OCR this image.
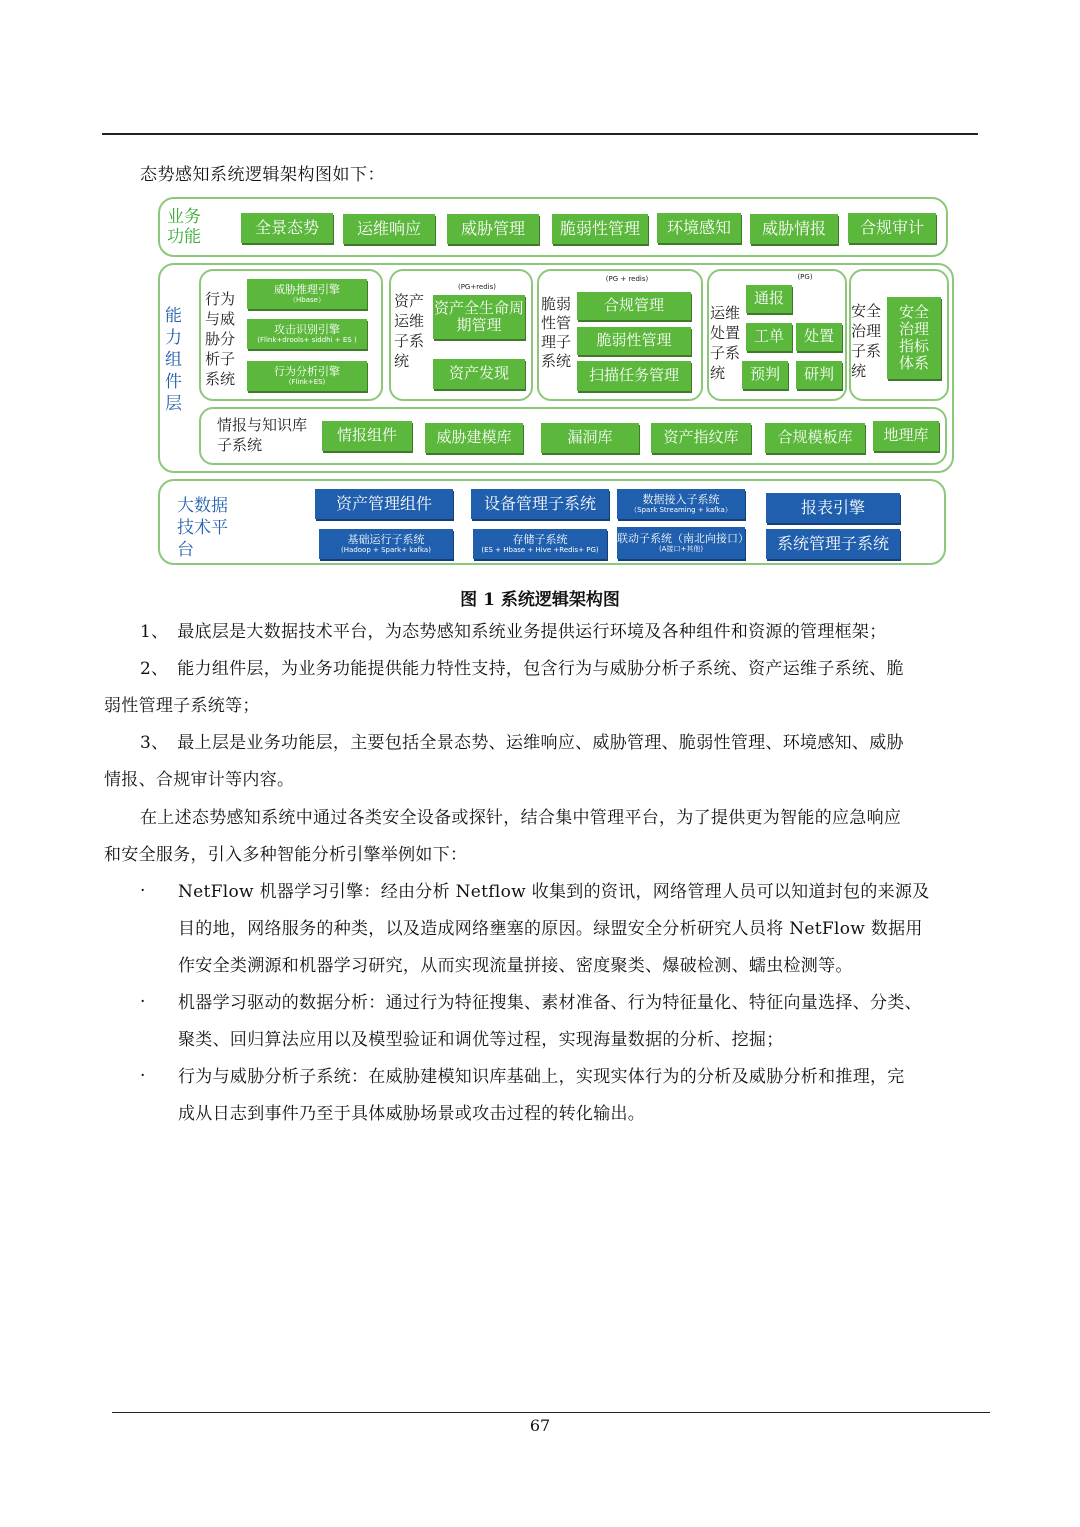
态势感知系统逻辑架构图如下：
业务功能
全景态势	运维响应	威胁管理	脆弱性管理	环境感知	威胁情报	合规审计
能力组件层
行为与威胁分析子系统
威胁推理引擎
（Hbase）
攻击识别引擎
(Flink+drools+ siddhi + ES )
行为分析引擎
(Flink+ES)
资产运维子系统
(PG+redis)
资产全生命周期管理
资产发现
脆弱性管理子系统
(PG + redis)
合规管理
脆弱性管理
扫描任务管理
运维处置子系统
(PG)
通报
工单	处置
预判	研判
安全治理子系统
安全治理指标体系
情报与知识库子系统
情报组件	威胁建模库	漏洞库	资产指纹库	合规模板库	地理库
大数据技术平台
资产管理组件	设备管理子系统	数据接入子系统
（Spark Streaming + kafka）	报表引擎
基础运行子系统
(Hadoop + Spark+ kafka)
存储子系统
(ES + Hbase + Hive +Redis+ PG)
联动子系统（南北向接口）
(A接口+其他)	系统管理子系统
图 1 系统逻辑架构图
1、　最底层是大数据技术平台，为态势感知系统业务提供运行环境及各种组件和资源的管理框架；
2、　能力组件层，为业务功能提供能力特性支持，包含行为与威胁分析子系统、资产运维子系统、脆
弱性管理子系统等；
3、　最上层是业务功能层，主要包括全景态势、运维响应、威胁管理、脆弱性管理、环境感知、威胁
情报、合规审计等内容。
在上述态势感知系统中通过各类安全设备或探针，结合集中管理平台，为了提供更为智能的应急响应
和安全服务，引入多种智能分析引擎举例如下：
· NetFlow 机器学习引擎：经由分析 Netflow 收集到的资讯，网络管理人员可以知道封包的来源及
目的地，网络服务的种类，以及造成网络壅塞的原因。绿盟安全分析研究人员将 NetFlow 数据用
作安全类溯源和机器学习研究，从而实现流量拼接、密度聚类、爆破检测、蠕虫检测等。
· 机器学习驱动的数据分析：通过行为特征搜集、素材准备、行为特征量化、特征向量选择、分类、
聚类、回归算法应用以及模型验证和调优等过程，实现海量数据的分析、挖掘；
· 行为与威胁分析子系统：在威胁建模知识库基础上，实现实体行为的分析及威胁分析和推理，完
成从日志到事件乃至于具体威胁场景或攻击过程的转化输出。
67
